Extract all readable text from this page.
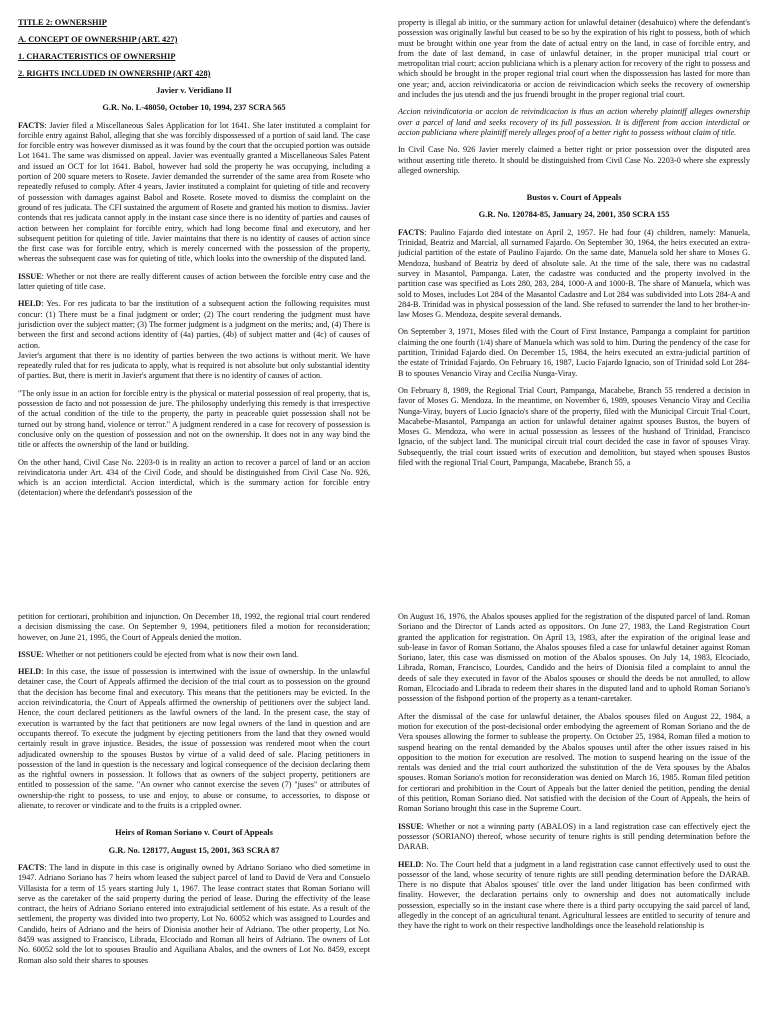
TITLE 2: OWNERSHIP

A. CONCEPT OF OWNERSHIP (ART. 427)

1. CHARACTERISTICS OF OWNERSHIP

2. RIGHTS INCLUDED IN OWNERSHIP (ART 428)

Javier v. Veridiano II

G.R. No. L-48050, October 10, 1994, 237 SCRA 565

FACTS: Javier filed a Miscellaneous Sales Application for lot 1641. She later instituted a complaint for forcible entry against Babol, alleging that she was forcibly dispossessed of a portion of said land. The case for forcible entry was however dismissed as it was found by the court that the occupied portion was outside Lot 1641. The same was dismissed on appeal. Javier was eventually granted a Miscellaneous Sales Patent and issued an OCT for lot 1641. Babol, however had sold the property he was occupying, including a portion of 200 square meters to Rosete. Javier demanded the surrender of the same area from Rosete who repeatedly refused to comply. After 4 years, Javier instituted a complaint for quieting of title and recovery of possession with damages against Babol and Rosete. Rosete moved to dismiss the complaint on the ground of res judicata. The CFI sustained the argument of Rosete and granted his motion to dismiss. Javier contends that res judicata cannot apply in the instant case since there is no identity of parties and causes of action between her complaint for forcible entry, which had long become final and executory, and her subsequent petition for quieting of title. Javier maintains that there is no identity of causes of action since the first case was for forcible entry, which is merely concerned with the possession of the property, whereas the subsequent case was for quieting of title, which looks into the ownership of the disputed land.

ISSUE: Whether or not there are really different causes of action between the forcible entry case and the latter quieting of title case.

HELD: Yes. For res judicata to bar the institution of a subsequent action the following requisites must concur: (1) There must be a final judgment or order; (2) The court rendering the judgment must have jurisdiction over the subject matter; (3) The former judgment is a judgment on the merits; and, (4) There is between the first and second actions identity of (4a) parties, (4b) of subject matter and (4c) of causes of action.
Javier's argument that there is no identity of parties between the two actions is without merit. We have repeatedly ruled that for res judicata to apply, what is required is not absolute but only substantial identity of parties. But, there is merit in Javier's argument that there is no identity of causes of action.

"The only issue in an action for forcible entry is the physical or material possession of real property, that is, possession de facto and not possession de jure. The philosophy underlying this remedy is that irrespective of the actual condition of the title to the property, the party in peaceable quiet possession shall not be turned out by strong hand, violence or terror." A judgment rendered in a case for recovery of possession is conclusive only on the question of possession and not on the ownership. It does not in any way bind the title or affects the ownership of the land or building.

On the other hand, Civil Case No. 2203-0 is in reality an action to recover a parcel of land or an accion reivindicatoria under Art. 434 of the Civil Code, and should be distinguished from Civil Case No. 926, which is an accion interdictal. Accion interdictal, which is the summary action for forcible entry (detentacion) where the defendant's possession of the

property is illegal ab initio, or the summary action for unlawful detainer (desahuico) where the defendant's possession was originally lawful but ceased to be so by the expiration of his right to possess, both of which must be brought within one year from the date of actual entry on the land, in case of forcible entry, and from the date of last demand, in case of unlawful detainer, in the proper municipal trial court or metropolitan trial court; accion publiciana which is a plenary action for recovery of the right to possess and which should be brought in the proper regional trial court when the dispossession has lasted for more than one year; and, accion reivindicatoria or accion de reivindicacion which seeks the recovery of ownership and includes the jus utendi and the jus fruendi brought in the proper regional trial court.

Accion reivindicatoria or accion de reivindicacion is thus an action whereby plaintiff alleges ownership over a parcel of land and seeks recovery of its full possession. It is different from accion interdictal or accion publiciana where plaintiff merely alleges proof of a better right to possess without claim of title.

In Civil Case No. 926 Javier merely claimed a better right or prior possession over the disputed area without asserting title thereto. It should be distinguished from Civil Case No. 2203-0 where she expressly alleged ownership.

Bustos v. Court of Appeals

G.R. No. 120784-85, January 24, 2001, 350 SCRA 155

FACTS: Paulino Fajardo died intestate on April 2, 1957. He had four (4) children, namely: Manuela, Trinidad, Beatriz and Marcial, all surnamed Fajardo. On September 30, 1964, the heirs executed an extra-judicial partition of the estate of Paulino Fajardo. On the same date, Manuela sold her share to Moses G. Mendoza, husband of Beatriz by deed of absolute sale. At the time of the sale, there was no cadastral survey in Masantol, Pampanga. Later, the cadastre was conducted and the property involved in the partition case was specified as Lots 280, 283, 284, 1000-A and 1000-B. The share of Manuela, which was sold to Moses, includes Lot 284 of the Masantol Cadastre and Lot 284 was subdivided into Lots 284-A and 284-B. Trinidad was in physical possession of the land. She refused to surrender the land to her brother-in-law Moses G. Mendoza, despite several demands.

On September 3, 1971, Moses filed with the Court of First Instance, Pampanga a complaint for partition claiming the one fourth (1/4) share of Manuela which was sold to him. During the pendency of the case for partition, Trinidad Fajardo died. On December 15, 1984, the heirs executed an extra-judicial partition of the estate of Trinidad Fajardo. On February 16, 1987, Lucio Fajardo Ignacio, son of Trinidad sold Lot 284-B to spouses Venancio Viray and Cecilia Nunga-Viray.

On February 8, 1989, the Regional Trial Court, Pampanga, Macabebe, Branch 55 rendered a decision in favor of Moses G. Mendoza. In the meantime, on November 6, 1989, spouses Venancio Viray and Cecilia Nunga-Viray, buyers of Lucio Ignacio's share of the property, filed with the Municipal Circuit Trial Court, Macabebe-Masantol, Pampanga an action for unlawful detainer against spouses Bustos, the buyers of Moses G. Mendoza, who were in actual possession as lessees of the husband of Trinidad, Francisco Ignacio, of the subject land. The municipal circuit trial court decided the case in favor of spouses Viray. Subsequently, the trial court issued writs of execution and demolition, but stayed when spouses Bustos filed with the regional Trial Court, Pampanga, Macabebe, Branch 55, a

petition for certiorari, prohibition and injunction. On December 18, 1992, the regional trial court rendered a decision dismissing the case. On September 9, 1994, petitioners filed a motion for reconsideration; however, on June 21, 1995, the Court of Appeals denied the motion.

ISSUE: Whether or not petitioners could be ejected from what is now their own land.

HELD: In this case, the issue of possession is intertwined with the issue of ownership. In the unlawful detainer case, the Court of Appeals affirmed the decision of the trial court as to possession on the ground that the decision has become final and executory. This means that the petitioners may be evicted. In the accion reivindicatoria, the Court of Appeals affirmed the ownership of petitioners over the subject land. Hence, the court declared petitioners as the lawful owners of the land. In the present case, the stay of execution is warranted by the fact that petitioners are now legal owners of the land in question and are occupants thereof. To execute the judgment by ejecting petitioners from the land that they owned would certainly result in grave injustice. Besides, the issue of possession was rendered moot when the court adjudicated ownership to the spouses Bustos by virtue of a valid deed of sale. Placing petitioners in possession of the land in question is the necessary and logical consequence of the decision declaring them as the rightful owners in possession. It follows that as owners of the subject property, petitioners are entitled to possession of the same. "An owner who cannot exercise the seven (7) "juses" or attributes of ownership-the right to possess, to use and enjoy, to abuse or consume, to accessories, to dispose or alienate, to recover or vindicate and to the fruits is a crippled owner.

Heirs of Roman Soriano v. Court of Appeals

G.R. No. 128177, August 15, 2001, 363 SCRA 87

FACTS: The land in dispute in this case is originally owned by Adriano Soriano who died sometime in 1947. Adriano Soriano has 7 heirs whom leased the subject parcel of land to David de Vera and Consuelo Villasista for a term of 15 years starting July 1, 1967. The lease contract states that Roman Soriano will serve as the caretaker of the said property during the period of lease. During the effectivity of the lease contract, the heirs of Adriano Soriano entered into extrajudicial settlement of his estate. As a result of the settlement, the property was divided into two property, Lot No. 60052 which was assigned to Lourdes and Candido, heirs of Adriano and the heirs of Dionisia another heir of Adriano. The other property, Lot No. 8459 was assigned to Francisco, Librada, Elcociado and Roman all heirs of Adriano. The owners of Lot No. 60052 sold the lot to spouses Braulio and Aquiliana Abalos, and the owners of Lot No. 8459, except Roman also sold their shares to spouses

On August 16, 1976, the Abalos spouses applied for the registration of the disputed parcel of land. Roman Soriano and the Director of Lands acted as oppositors. On June 27, 1983, the Land Registration Court granted the application for registration. On April 13, 1983, after the expiration of the original lease and sub-lease in favor of Roman Soriano, the Abalos spouses filed a case for unlawful detainer against Roman Soriano, later, this case was dismissed on motion of the Abalos spouses. On July 14, 1983, Elcociado, Librada, Roman, Francisco, Lourdes, Candido and the heirs of Dionisia filed a complaint to annul the deeds of sale they executed in favor of the Abalos spouses or should the deeds be not annulled, to allow Roman, Elcociado and Librada to redeem their shares in the disputed land and to uphold Roman Soriano's possession of the fishpond portion of the property as a tenant-caretaker.

After the dismissal of the case for unlawful detainer, the Abalos spouses filed on August 22, 1984, a motion for execution of the post-decisional order embodying the agreement of Roman Soriano and the de Vera spouses allowing the former to sublease the property. On October 25, 1984, Roman filed a motion to suspend hearing on the rental demanded by the Abalos spouses until after the other issues raised in his opposition to the motion for execution are resolved. The motion to suspend hearing on the issue of the rentals was denied and the trial court authorized the substitution of the de Vera spouses by the Abalos spouses. Roman Soriano's motion for reconsideration was denied on March 16, 1985. Roman filed petition for certiorari and prohibition in the Court of Appeals but the latter denied the petition, pending the denial of this petition, Roman Soriano died. Not satisfied with the decision of the Court of Appeals, the heirs of Roman Soriano brought this case in the Supreme Court.

ISSUE: Whether or not a winning party (ABALOS) in a land registration case can effectively eject the possessor (SORIANO) thereof, whose security of tenure rights is still pending determination before the DARAB.

HELD: No. The Court held that a judgment in a land registration case cannot effectively used to oust the possessor of the land, whose security of tenure rights are still pending determination before the DARAB. There is no dispute that Abalos spouses' title over the land under litigation has been confirmed with finality. However, the declaration pertains only to ownership and does not automatically include possession, especially so in the instant case where there is a third party occupying the said parcel of land, allegedly in the concept of an agricultural tenant. Agricultural lessees are entitled to security of tenure and they have the right to work on their respective landholdings once the leasehold relationship is
